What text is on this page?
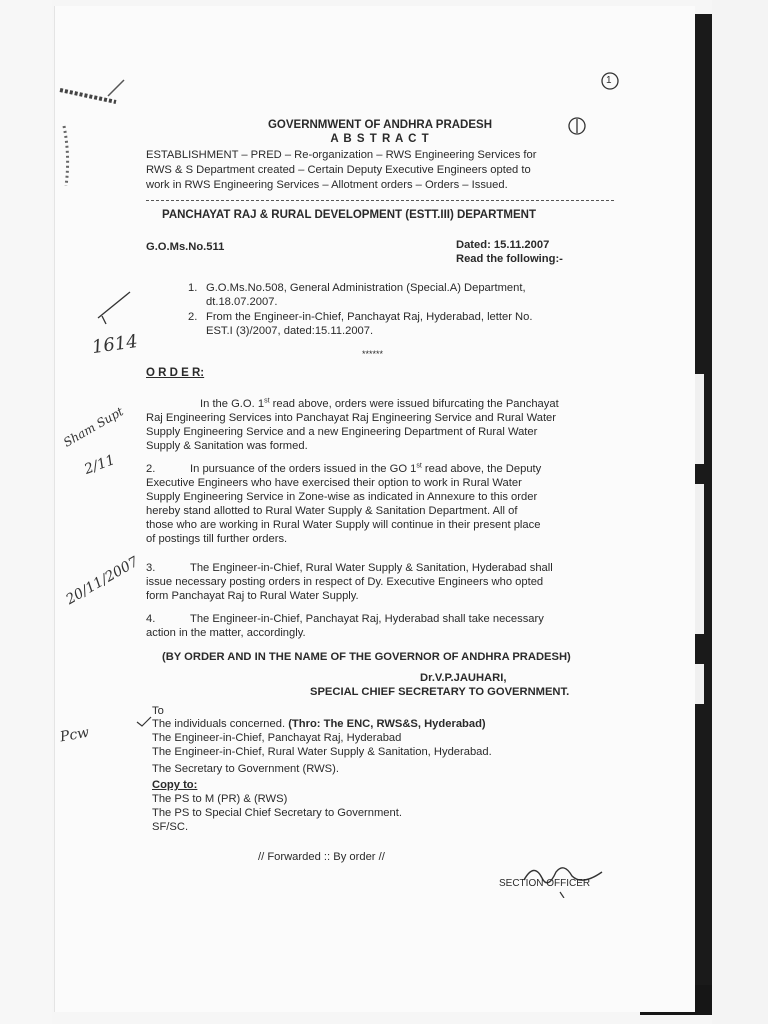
1
GOVERNMWENT OF ANDHRA PRADESH
A B S T R A C T
ESTABLISHMENT – PRED – Re-organization – RWS Engineering Services for
RWS & S Department created – Certain Deputy Executive Engineers opted to
work in RWS Engineering Services – Allotment orders – Orders – Issued.
PANCHAYAT RAJ & RURAL DEVELOPMENT (ESTT.III) DEPARTMENT
G.O.Ms.No.511	Dated: 15.11.2007
Read the following:-
1. G.O.Ms.No.508, General Administration (Special.A) Department,
dt.18.07.2007.
2. From the Engineer-in-Chief, Panchayat Raj, Hyderabad, letter No.
EST.I (3)/2007, dated:15.11.2007.
******
O R D E R:
In the G.O. 1st read above, orders were issued bifurcating the Panchayat
Raj Engineering Services into Panchayat Raj Engineering Service and Rural Water
Supply Engineering Service and a new Engineering Department of Rural Water
Supply & Sanitation was formed.
2.	In pursuance of the orders issued in the GO 1st read above, the Deputy
Executive Engineers who have exercised their option to work in Rural Water
Supply Engineering Service in Zone-wise as indicated in Annexure to this order
hereby stand allotted to Rural Water Supply & Sanitation Department. All of
those who are working in Rural Water Supply will continue in their present place
of postings till further orders.
3.	The Engineer-in-Chief, Rural Water Supply & Sanitation, Hyderabad shall
issue necessary posting orders in respect of Dy. Executive Engineers who opted
form Panchayat Raj to Rural Water Supply.
4.	The Engineer-in-Chief, Panchayat Raj, Hyderabad shall take necessary
action in the matter, accordingly.
(BY ORDER AND IN THE NAME OF THE GOVERNOR OF ANDHRA PRADESH)
Dr.V.P.JAUHARI,
SPECIAL CHIEF SECRETARY TO GOVERNMENT.
To
The individuals concerned. (Thro: The ENC, RWS&S, Hyderabad)
The Engineer-in-Chief, Panchayat Raj, Hyderabad
The Engineer-in-Chief, Rural Water Supply & Sanitation, Hyderabad.
The Secretary to Government (RWS).
Copy to:
The PS to M (PR) & (RWS)
The PS to Special Chief Secretary to Government.
SF/SC.
// Forwarded :: By order //
SECTION OFFICER
1614
Sham Supt
2/11
20/11/2007
Pcw
